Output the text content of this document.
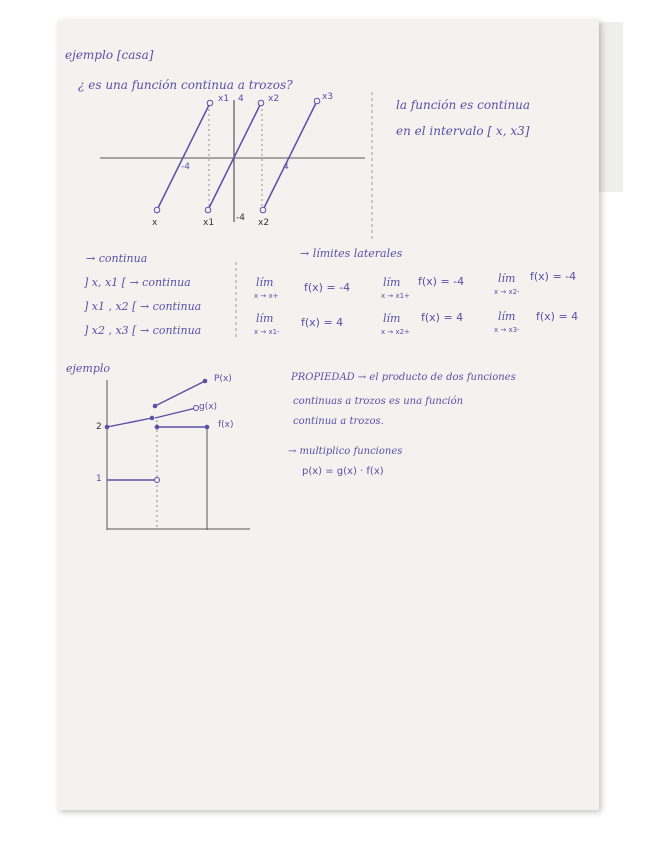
ejemplo [casa]
¿ es una función continua a trozos?
x1 4	x2	x3
-4	4
x	x1 -4 x2
la función es continua
en el intervalo [ x, x3]
→ continua
] x, x1 [ → continua
] x1 , x2 [ → continua
] x2 , x3 [ → continua
→ límites laterales
lím
x → x+
f(x) = -4	lím
x → x1+
f(x) = -4	lím
x → x2-
f(x) = -4
lím
x → x1-
f(x) = 4	lím
x → x2+
f(x) = 4	lím
x → x3-
f(x) = 4
ejemplo
P(x)
g(x)
f(x)
2
1
PROPIEDAD → el producto de dos funciones
continuas a trozos es una función
continua a trozos.
→ multiplico funciones
p(x) = g(x) · f(x)
